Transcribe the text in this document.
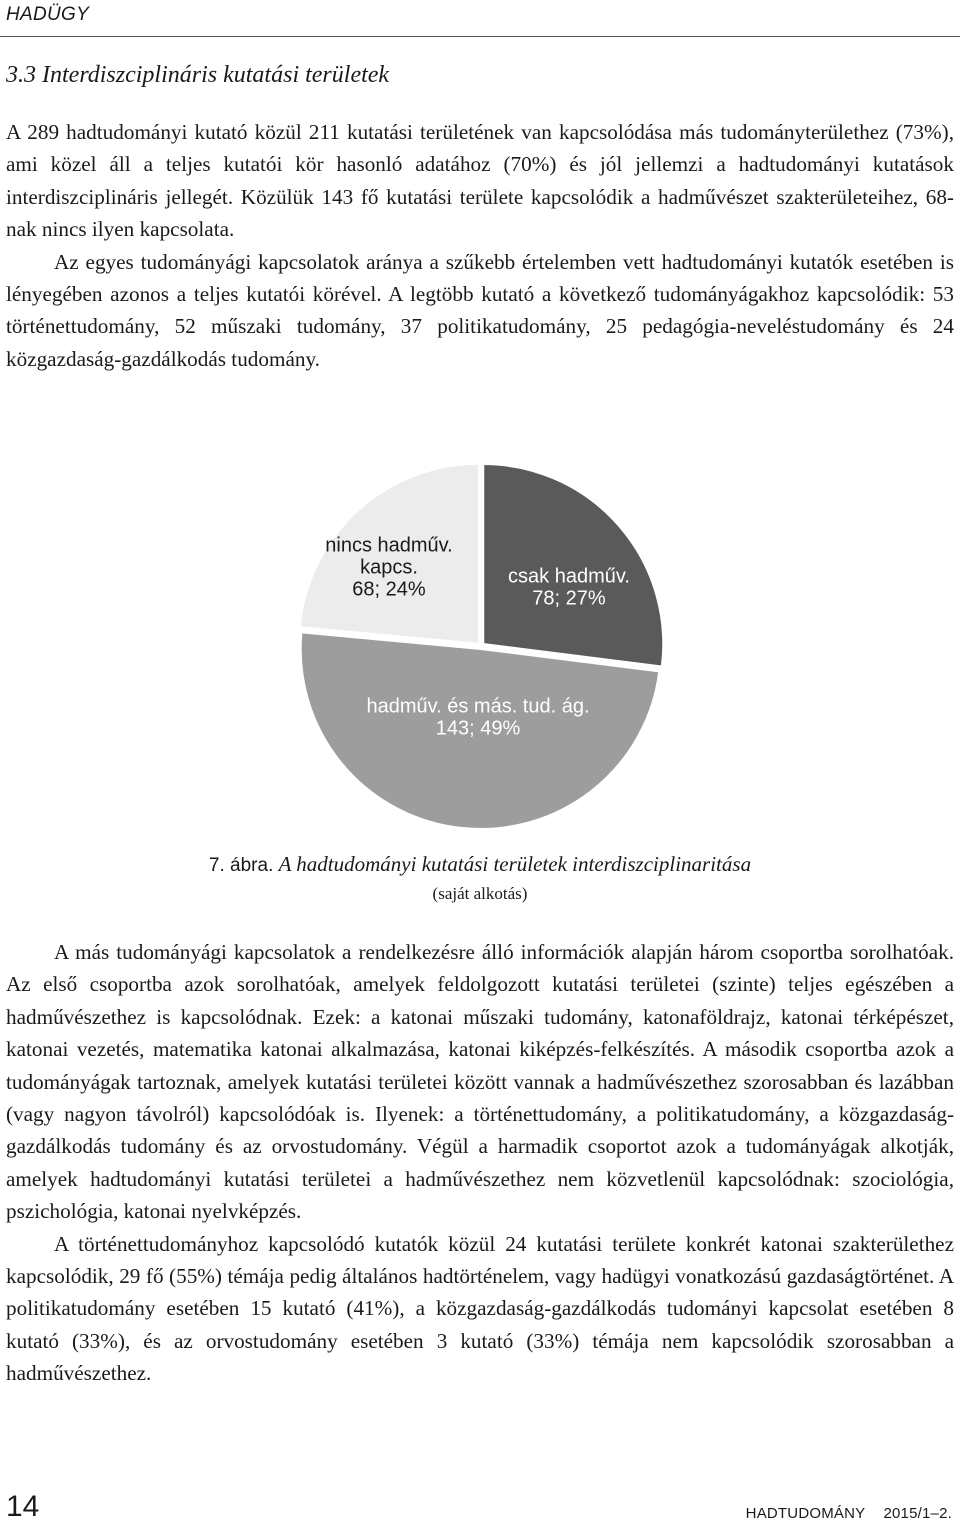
HADÜGY
3.3 Interdiszciplináris kutatási területek

A 289 hadtudományi kutató közül 211 kutatási területének van kapcsolódása más tudományterülethez (73%), ami közel áll a teljes kutatói kör hasonló adatához (70%) és jól jellemzi a hadtudományi kutatások interdiszciplináris jellegét. Közülük 143 fő kutatási területe kapcsolódik a hadművészet szakterületeihez, 68-nak nincs ilyen kapcsolata.

Az egyes tudományági kapcsolatok aránya a szűkebb értelemben vett hadtudományi kutatók esetében is lényegében azonos a teljes kutatói körével. A legtöbb kutató a következő tudományágakhoz kapcsolódik: 53 történettudomány, 52 műszaki tudomány, 37 politikatudomány, 25 pedagógia-neveléstudomány és 24 közgazdaság-gazdálkodás tudomány.

csak hadműv.
78; 27%
hadműv. és más. tud. ág.
143; 49%
nincs hadműv.
kapcs.
68; 24%
7. ábra. A hadtudományi kutatási területek interdiszciplinaritása
(saját alkotás)

A más tudományági kapcsolatok a rendelkezésre álló információk alapján három csoportba sorolhatóak. Az első csoportba azok sorolhatóak, amelyek feldolgozott kutatási területei (szinte) teljes egészében a hadművészethez is kapcsolódnak. Ezek: a katonai műszaki tudomány, katonaföldrajz, katonai térképészet, katonai vezetés, matematika katonai alkalmazása, katonai kiképzés-felkészítés. A második csoportba azok a tudományágak tartoznak, amelyek kutatási területei között vannak a hadművészethez szorosabban és lazábban (vagy nagyon távolról) kapcsolódóak is. Ilyenek: a történettudomány, a politikatudomány, a közgazdaság-gazdálkodás tudomány és az orvostudomány. Végül a harmadik csoportot azok a tudományágak alkotják, amelyek hadtudományi kutatási területei a hadművészethez nem közvetlenül kapcsolódnak: szociológia, pszichológia, katonai nyelvképzés.

A történettudományhoz kapcsolódó kutatók közül 24 kutatási területe konkrét katonai szakterülethez kapcsolódik, 29 fő (55%) témája pedig általános hadtörténelem, vagy hadügyi vonatkozású gazdaságtörténet. A politikatudomány esetében 15 kutató (41%), a közgazdaság-gazdálkodás tudományi kapcsolat esetében 8 kutató (33%), és az orvostudomány esetében 3 kutató (33%) témája nem kapcsolódik szorosabban a hadművészethez.

14	HADTUDOMÁNY 2015/1–2.
